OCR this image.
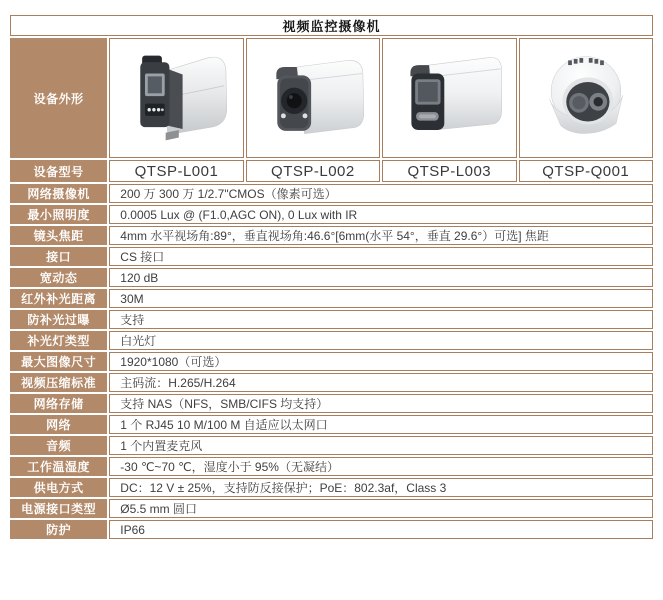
视频监控摄像机				
设备外形	

设备型号	QTSP-L001	QTSP-L002	QTSP-L003	QTSP-Q001
网络摄像机	200 万 300 万 1/2.7"CMOS（像素可选）			
最小照明度	0.0005 Lux @ (F1.0,AGC ON), 0 Lux with IR			
镜头焦距	4mm 水平视场角:89°，垂直视场角:46.6°[6mm(水平 54°，垂直 29.6°）可选] 焦距			
接口	CS 接口			
宽动态	120 dB			
红外补光距离	30M			
防补光过曝	支持			
补光灯类型	白光灯			
最大图像尺寸	1920*1080（可选）			
视频压缩标准	主码流：H.265/H.264			
网络存储	支持 NAS（NFS，SMB/CIFS 均支持）			
网络	1 个 RJ45 10 M/100 M 自适应以太网口			
音频	1 个内置麦克风			
工作温湿度	-30 ℃~70 ℃，湿度小于 95%（无凝结）			
供电方式	DC：12 V ± 25%，支持防反接保护；PoE：802.3af，Class 3			
电源接口类型	Ø5.5 mm 圆口			
防护	IP66			
